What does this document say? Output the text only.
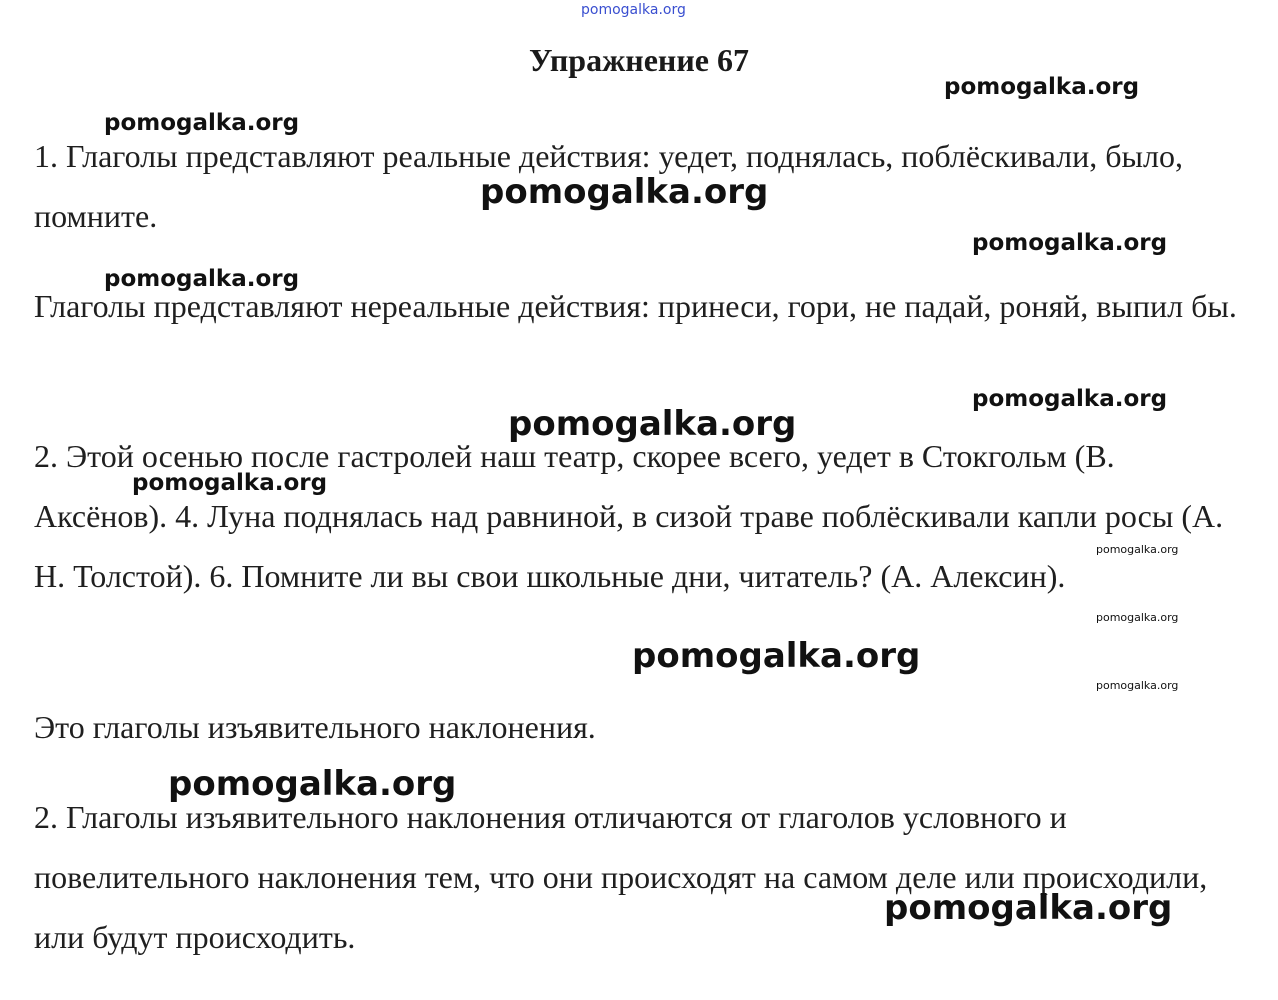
Упражнение 67

1. Глаголы представляют реальные действия: уедет, поднялась, поблёскивали, было, помните.

Глаголы представляют нереальные действия: принеси, гори, не падай, роняй, выпил бы.

2. Этой осенью после гастролей наш театр, скорее всего, уедет в Стокгольм (В. Аксёнов). 4. Луна поднялась над равниной, в сизой траве поблёскивали капли росы (А. Н. Толстой). 6. Помните ли вы свои школьные дни, читатель? (А. Алексин).

Это глаголы изъявительного наклонения.

2. Глаголы изъявительного наклонения отличаются от глаголов условного и повелительного наклонения тем, что они происходят на самом деле или происходили, или будут происходить.

pomogalka.org
pomogalka.org
pomogalka.org
pomogalka.org
pomogalka.org
pomogalka.org
pomogalka.org
pomogalka.org
pomogalka.org
pomogalka.org
pomogalka.org
pomogalka.org
pomogalka.org
pomogalka.org
pomogalka.org
